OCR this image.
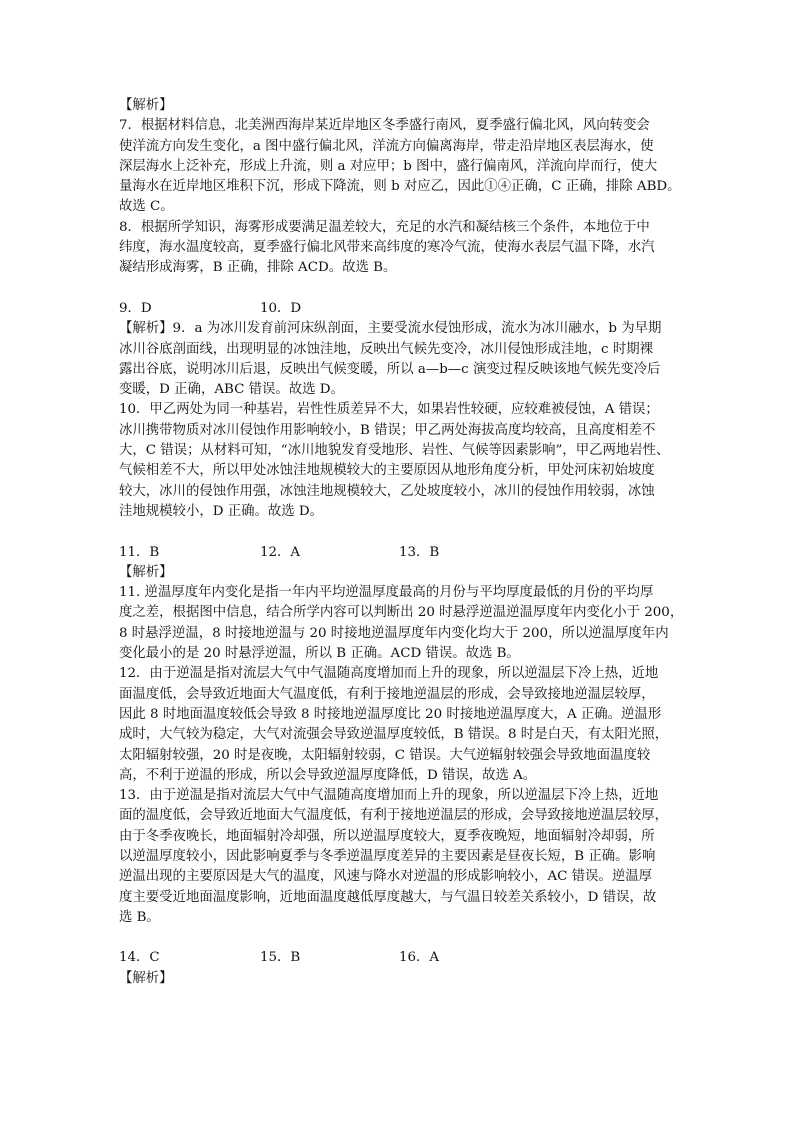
【解析】
7．根据材料信息，北美洲西海岸某近岸地区冬季盛行南风，夏季盛行偏北风，风向转变会
使洋流方向发生变化，a 图中盛行偏北风，洋流方向偏离海岸，带走沿岸地区表层海水，使
深层海水上泛补充，形成上升流，则 a 对应甲；b 图中，盛行偏南风，洋流向岸而行，使大
量海水在近岸地区堆积下沉，形成下降流，则 b 对应乙，因此①④正确，C 正确，排除 ABD。
故选 C。
8．根据所学知识，海雾形成要满足温差较大，充足的水汽和凝结核三个条件，本地位于中
纬度，海水温度较高，夏季盛行偏北风带来高纬度的寒冷气流，使海水表层气温下降，水汽
凝结形成海雾，B 正确，排除 ACD。故选 B。
9．D	10．D
【解析】9．a 为冰川发育前河床纵剖面，主要受流水侵蚀形成，流水为冰川融水，b 为早期
冰川谷底剖面线，出现明显的冰蚀洼地，反映出气候先变冷，冰川侵蚀形成洼地，c 时期裸
露出谷底，说明冰川后退，反映出气候变暖，所以 a—b—c 演变过程反映该地气候先变冷后
变暖，D 正确，ABC 错误。故选 D。
10．甲乙两处为同一种基岩，岩性性质差异不大，如果岩性较硬，应较难被侵蚀，A 错误；
冰川携带物质对冰川侵蚀作用影响较小，B 错误；甲乙两处海拔高度均较高，且高度相差不
大，C 错误；从材料可知，“冰川地貌发育受地形、岩性、气候等因素影响”，甲乙两地岩性、
气候相差不大，所以甲处冰蚀洼地规模较大的主要原因从地形角度分析，甲处河床初始坡度
较大，冰川的侵蚀作用强，冰蚀洼地规模较大，乙处坡度较小，冰川的侵蚀作用较弱，冰蚀
洼地规模较小，D 正确。故选 D。
11．B	12．A	13．B
【解析】
11. 逆温厚度年内变化是指一年内平均逆温厚度最高的月份与平均厚度最低的月份的平均厚
度之差，根据图中信息，结合所学内容可以判断出 20 时悬浮逆温逆温厚度年内变化小于 200，
8 时悬浮逆温，8 时接地逆温与 20 时接地逆温厚度年内变化均大于 200，所以逆温厚度年内
变化最小的是 20 时悬浮逆温，所以 B 正确。ACD 错误。故选 B。
12．由于逆温是指对流层大气中气温随高度增加而上升的现象，所以逆温层下冷上热，近地
面温度低，会导致近地面大气温度低，有利于接地逆温层的形成，会导致接地逆温层较厚，
因此 8 时地面温度较低会导致 8 时接地逆温厚度比 20 时接地逆温厚度大，A 正确。逆温形
成时，大气较为稳定，大气对流强会导致逆温厚度较低，B 错误。8 时是白天，有太阳光照，
太阳辐射较强，20 时是夜晚，太阳辐射较弱，C 错误。大气逆辐射较强会导致地面温度较
高，不利于逆温的形成，所以会导致逆温厚度降低，D 错误，故选 A。
13．由于逆温是指对流层大气中气温随高度增加而上升的现象，所以逆温层下冷上热，近地
面的温度低，会导致近地面大气温度低，有利于接地逆温层的形成，会导致接地逆温层较厚，
由于冬季夜晚长，地面辐射冷却强，所以逆温厚度较大，夏季夜晚短，地面辐射冷却弱，所
以逆温厚度较小，因此影响夏季与冬季逆温厚度差异的主要因素是昼夜长短，B 正确。影响
逆温出现的主要原因是大气的温度，风速与降水对逆温的形成影响较小，AC 错误。逆温厚
度主要受近地面温度影响，近地面温度越低厚度越大，与气温日较差关系较小，D 错误，故
选 B。
14．C	15．B	16．A
【解析】
